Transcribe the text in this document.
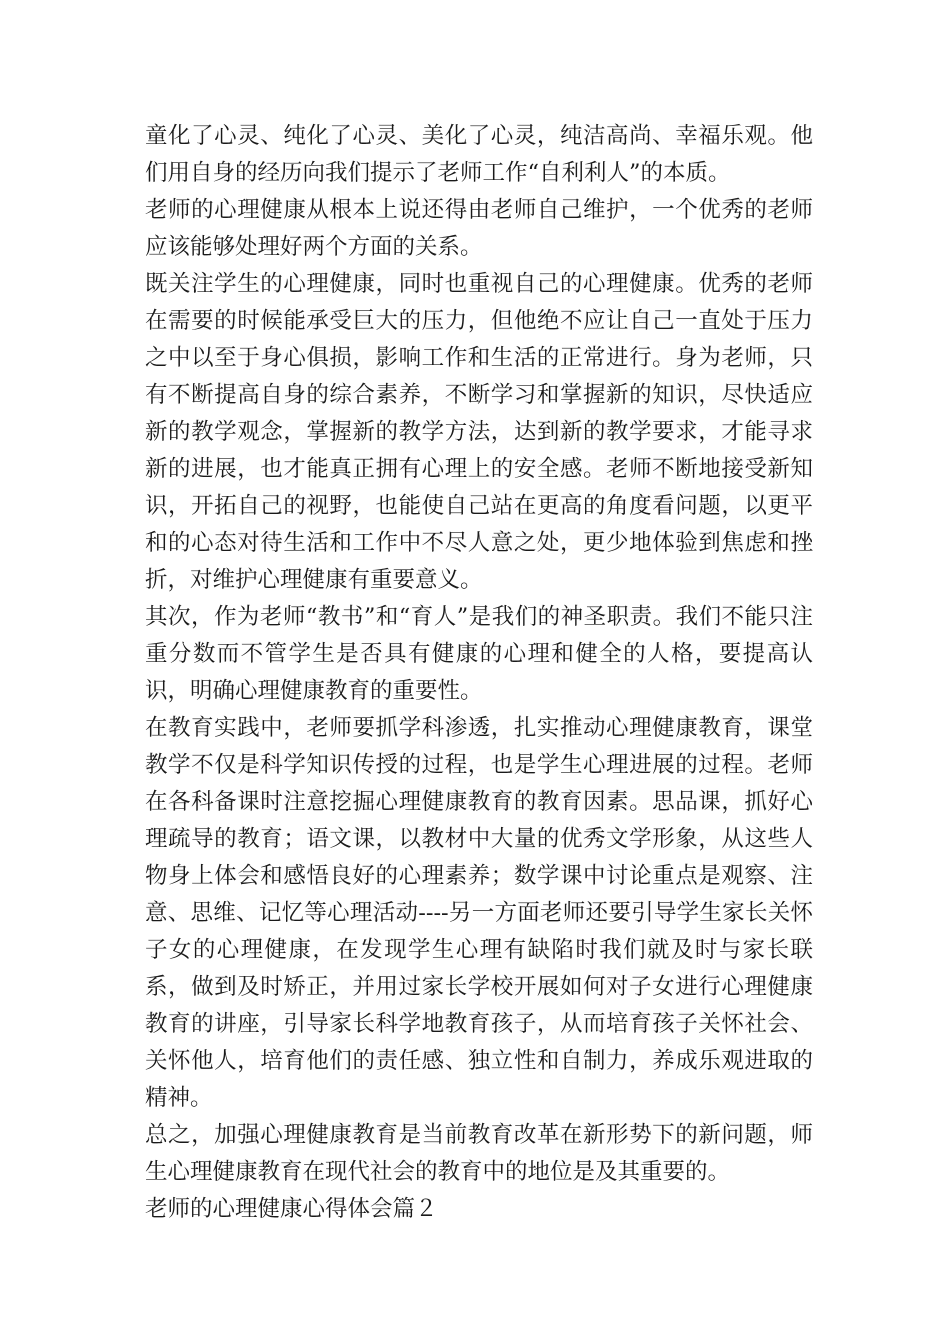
童化了心灵、纯化了心灵、美化了心灵，纯洁高尚、幸福乐观。他们用自身的经历向我们提示了老师工作“自利利人”的本质。

老师的心理健康从根本上说还得由老师自己维护，一个优秀的老师应该能够处理好两个方面的关系。

既关注学生的心理健康，同时也重视自己的心理健康。优秀的老师在需要的时候能承受巨大的压力，但他绝不应让自己一直处于压力之中以至于身心俱损，影响工作和生活的正常进行。身为老师，只有不断提高自身的综合素养，不断学习和掌握新的知识，尽快适应新的教学观念，掌握新的教学方法，达到新的教学要求，才能寻求新的进展，也才能真正拥有心理上的安全感。老师不断地接受新知识，开拓自己的视野，也能使自己站在更高的角度看问题，以更平和的心态对待生活和工作中不尽人意之处，更少地体验到焦虑和挫折，对维护心理健康有重要意义。

其次，作为老师“教书”和“育人”是我们的神圣职责。我们不能只注重分数而不管学生是否具有健康的心理和健全的人格，要提高认识，明确心理健康教育的重要性。

在教育实践中，老师要抓学科渗透，扎实推动心理健康教育，课堂教学不仅是科学知识传授的过程，也是学生心理进展的过程。老师在各科备课时注意挖掘心理健康教育的教育因素。思品课，抓好心理疏导的教育；语文课，以教材中大量的优秀文学形象，从这些人物身上体会和感悟良好的心理素养；数学课中讨论重点是观察、注意、思维、记忆等心理活动----另一方面老师还要引导学生家长关怀子女的心理健康，在发现学生心理有缺陷时我们就及时与家长联系，做到及时矫正，并用过家长学校开展如何对子女进行心理健康教育的讲座，引导家长科学地教育孩子，从而培育孩子关怀社会、关怀他人，培育他们的责任感、独立性和自制力，养成乐观进取的精神。

总之，加强心理健康教育是当前教育改革在新形势下的新问题，师生心理健康教育在现代社会的教育中的地位是及其重要的。

老师的心理健康心得体会篇２
